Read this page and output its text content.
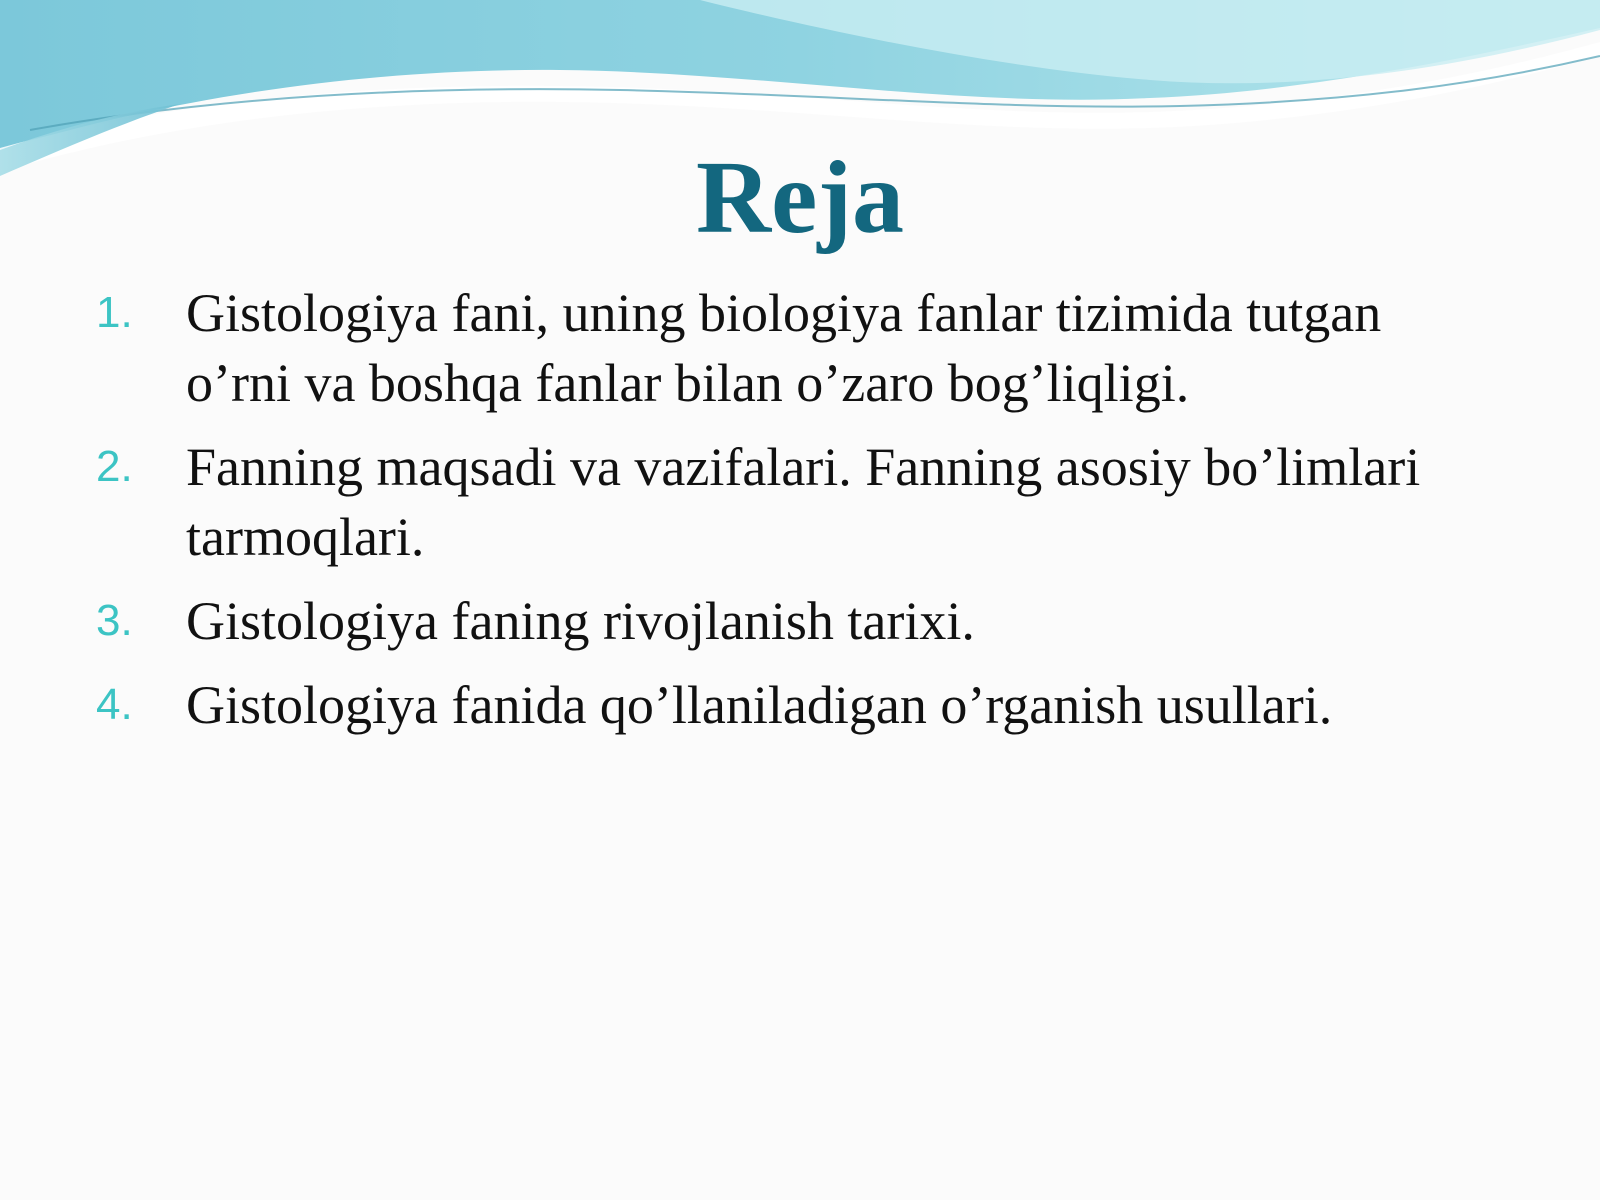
Reja
1. Gistologiya fani, uning biologiya fanlar tizimida tutgan o’rni va boshqa fanlar bilan o’zaro bog’liqligi.
2. Fanning maqsadi va vazifalari. Fanning asosiy bo’limlari tarmoqlari.
3. Gistologiya faning rivojlanish tarixi.
4. Gistologiya fanida qo’llaniladigan o’rganish usullari.
